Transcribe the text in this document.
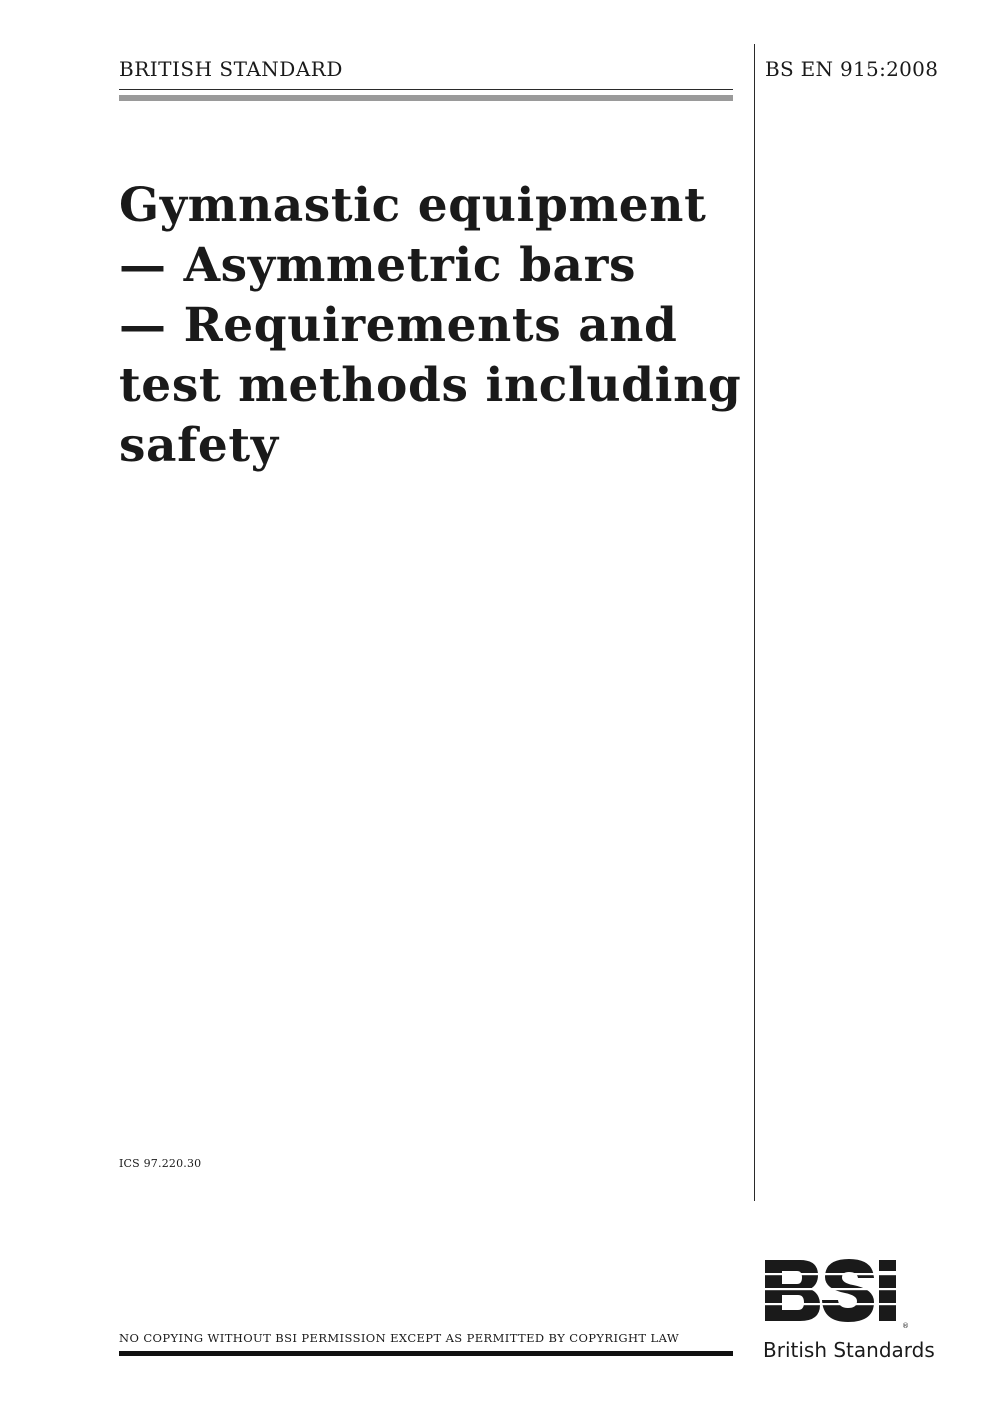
BRITISH STANDARD	BS EN 915:2008
Gymnastic equipment
— Asymmetric bars
— Requirements and
test methods including
safety
ICS 97.220.30
NO COPYING WITHOUT BSI PERMISSION EXCEPT AS PERMITTED BY COPYRIGHT LAW
®
British Standards
